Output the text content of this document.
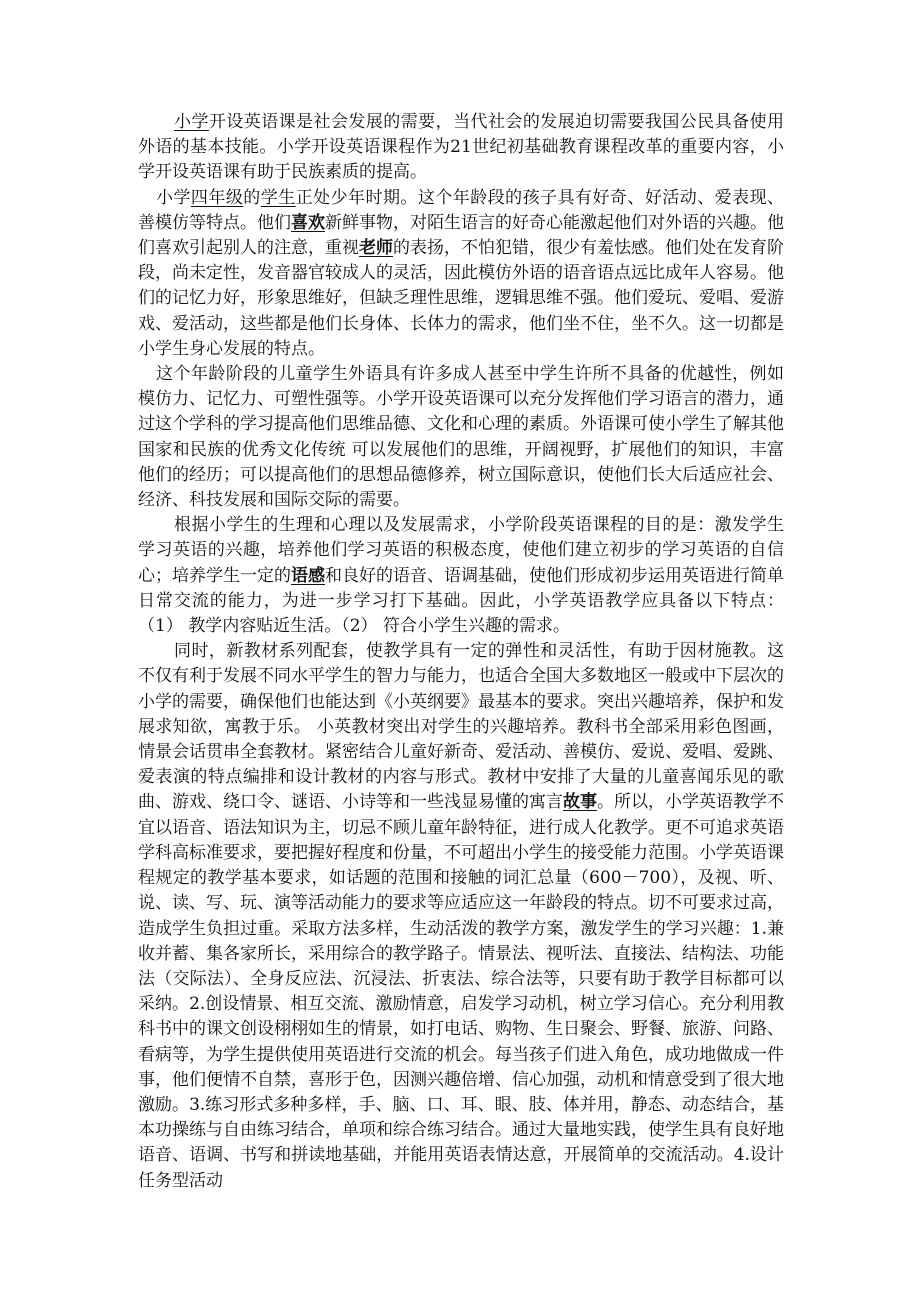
小学开设英语课是社会发展的需要，当代社会的发展迫切需要我国公民具备使用外语的基本技能。小学开设英语课程作为21世纪初基础教育课程改革的重要内容，小学开设英语课有助于民族素质的提高。

小学四年级的学生正处少年时期。这个年龄段的孩子具有好奇、好活动、爱表现、善模仿等特点。他们喜欢新鲜事物，对陌生语言的好奇心能激起他们对外语的兴趣。他们喜欢引起别人的注意，重视老师的表扬，不怕犯错，很少有羞怯感。他们处在发育阶段，尚未定性，发音器官较成人的灵活，因此模仿外语的语音语点远比成年人容易。他们的记忆力好，形象思维好，但缺乏理性思维，逻辑思维不强。他们爱玩、爱唱、爱游戏、爱活动，这些都是他们长身体、长体力的需求，他们坐不住，坐不久。这一切都是小学生身心发展的特点。

这个年龄阶段的儿童学生外语具有许多成人甚至中学生许所不具备的优越性，例如模仿力、记忆力、可塑性强等。小学开设英语课可以充分发挥他们学习语言的潜力，通过这个学科的学习提高他们思维品德、文化和心理的素质。外语课可使小学生了解其他国家和民族的优秀文化传统 可以发展他们的思维，开阔视野，扩展他们的知识，丰富他们的经历；可以提高他们的思想品德修养，树立国际意识，使他们长大后适应社会、经济、科技发展和国际交际的需要。

根据小学生的生理和心理以及发展需求，小学阶段英语课程的目的是：激发学生学习英语的兴趣，培养他们学习英语的积极态度，使他们建立初步的学习英语的自信心；培养学生一定的语感和良好的语音、语调基础，使他们形成初步运用英语进行简单日常交流的能力，为进一步学习打下基础。因此，小学英语教学应具备以下特点：（1） 教学内容贴近生活。（2） 符合小学生兴趣的需求。

同时，新教材系列配套，使教学具有一定的弹性和灵活性，有助于因材施教。这不仅有利于发展不同水平学生的智力与能力，也适合全国大多数地区一般或中下层次的小学的需要，确保他们也能达到《小英纲要》最基本的要求。突出兴趣培养，保护和发展求知欲，寓教于乐。 小英教材突出对学生的兴趣培养。教科书全部采用彩色图画，情景会话贯串全套教材。紧密结合儿童好新奇、爱活动、善模仿、爱说、爱唱、爱跳、爱表演的特点编排和设计教材的内容与形式。教材中安排了大量的儿童喜闻乐见的歌曲、游戏、绕口令、谜语、小诗等和一些浅显易懂的寓言故事。所以，小学英语教学不宜以语音、语法知识为主，切忌不顾儿童年龄特征，进行成人化教学。更不可追求英语学科高标准要求，要把握好程度和份量，不可超出小学生的接受能力范围。小学英语课程规定的教学基本要求，如话题的范围和接触的词汇总量（600－700），及视、听、说、读、写、玩、演等活动能力的要求等应适应这一年龄段的特点。切不可要求过高，造成学生负担过重。采取方法多样，生动活泼的教学方案，激发学生的学习兴趣：1.兼收并蓄、集各家所长，采用综合的教学路子。情景法、视听法、直接法、结构法、功能法（交际法）、全身反应法、沉浸法、折衷法、综合法等，只要有助于教学目标都可以采纳。2.创设情景、相互交流、激励情意，启发学习动机，树立学习信心。充分利用教科书中的课文创设栩栩如生的情景，如打电话、购物、生日聚会、野餐、旅游、问路、看病等，为学生提供使用英语进行交流的机会。每当孩子们进入角色，成功地做成一件事，他们便情不自禁，喜形于色，因测兴趣倍增、信心加强，动机和情意受到了很大地激励。3.练习形式多种多样，手、脑、口、耳、眼、肢、体并用，静态、动态结合，基本功操练与自由练习结合，单项和综合练习结合。通过大量地实践，使学生具有良好地语音、语调、书写和拼读地基础，并能用英语表情达意，开展简单的交流活动。4.设计任务型活动
